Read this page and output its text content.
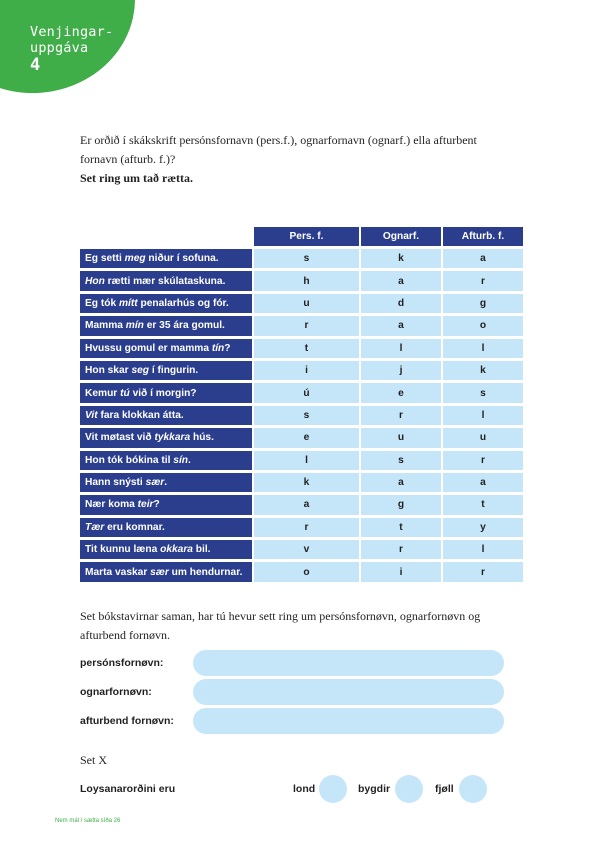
Venjingar-
uppgáva
4
Er orðið í skákskrift persónsfornavn (pers.f.), ognarfornavn (ognarf.) ella afturbent fornavn (afturb. f.)?
Set ring um tað rætta.
	Pers. f.	Ognarf.	Afturb. f.
Eg setti meg niður í sofuna.	s	k	a
Hon rætti mær skúlataskuna.	h	a	r
Eg tók mítt penalarhús og fór.	u	d	g
Mamma mín er 35 ára gomul.	r	a	o
Hvussu gomul er mamma tín?	t	l	l
Hon skar seg í fingurin.	i	j	k
Kemur tú við í morgin?	ú	e	s
Vit fara klokkan átta.	s	r	l
Vit møtast við tykkara hús.	e	u	u
Hon tók bókina til sín.	l	s	r
Hann snýsti sær.	k	a	a
Nær koma teir?	a	g	t
Tær eru komnar.	r	t	y
Tit kunnu læna okkara bil.	v	r	l
Marta vaskar sær um hendurnar.	o	i	r
Set bókstavirnar saman, har tú hevur sett ring um persónsfornøvn, ognarfornøvn og afturbend fornøvn.
persónsfornøvn:
ognarfornøvn:
afturbend fornøvn:
Set X
Loysanarorðini eru	lond	bygdir	fjøll
Nem mál / sætta síða 26
